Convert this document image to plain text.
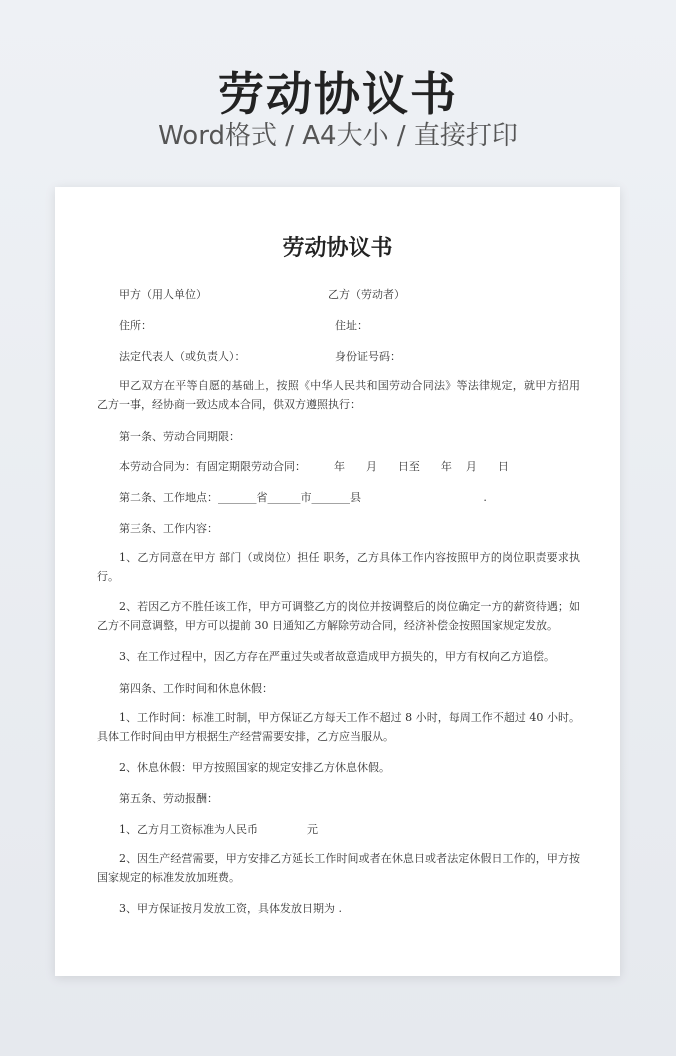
劳动协议书
Word格式 / A4大小 / 直接打印
劳动协议书
甲方（用人单位）	乙方（劳动者）
住所：	住址：
法定代表人（或负责人）：	身份证号码：
甲乙双方在平等自愿的基础上，按照《中华人民共和国劳动合同法》等法律规定，就甲方招用乙方一事，经协商一致达成本合同，供双方遵照执行：
第一条、劳动合同期限：
本劳动合同为：有固定期限劳动合同：        年      月      日至      年    月      日
第二条、工作地点：_______省______市_______县                                   .
第三条、工作内容：
1、乙方同意在甲方 部门（或岗位）担任 职务，乙方具体工作内容按照甲方的岗位职责要求执行。
2、若因乙方不胜任该工作，甲方可调整乙方的岗位并按调整后的岗位确定一方的薪资待遇；如乙方不同意调整，甲方可以提前 30 日通知乙方解除劳动合同，经济补偿金按照国家规定发放。
3、在工作过程中，因乙方存在严重过失或者故意造成甲方损失的，甲方有权向乙方追偿。
第四条、工作时间和休息休假：
1、工作时间：标准工时制，甲方保证乙方每天工作不超过 8 小时，每周工作不超过 40 小时。具体工作时间由甲方根据生产经营需要安排，乙方应当服从。
2、休息休假：甲方按照国家的规定安排乙方休息休假。
第五条、劳动报酬：
1、乙方月工资标准为人民币              元
2、因生产经营需要，甲方安排乙方延长工作时间或者在休息日或者法定休假日工作的，甲方按国家规定的标准发放加班费。
3、甲方保证按月发放工资，具体发放日期为 .
